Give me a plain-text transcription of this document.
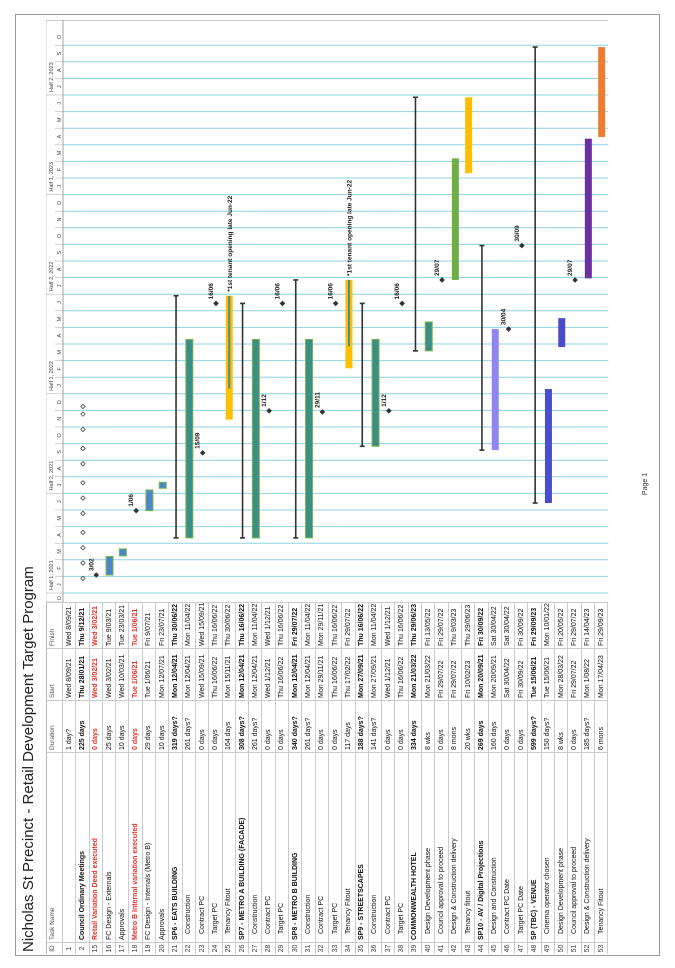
Nicholas St Precinct - Retail Development Target Program	ID
Task Name
Duration
Start
Finish
1
1 day?
Wed 8/09/21
Wed 8/09/21
2
Council Ordinary Meetings
225 days
Thu 28/01/21
Thu 9/12/21
15
Retail Variation Deed executed
0 days
Wed 3/02/21
Wed 3/02/21
16
FC Design - Externals
25 days
Wed 3/02/21
Tue 9/03/21
17
Approvals
10 days
Wed 10/03/21
Tue 23/03/21
18
Metro B Internal variation executed
0 days
Tue 1/06/21
Tue 1/06/21
19
FC Design - Internals (Metro B)
29 days
Tue 1/06/21
Fri 9/07/21
20
Approvals
10 days
Mon 12/07/21
Fri 23/07/21
21
SP6 - EATS BUILDING
319 days?
Mon 12/04/21
Thu 30/06/22
22
Construction
261 days?
Mon 12/04/21
Mon 11/04/22
23
Contract PC
0 days
Wed 15/09/21
Wed 15/09/21
24
Target PC
0 days
Thu 16/06/22
Thu 16/06/22
25
Tenancy Fitout
164 days
Mon 15/11/21
Thu 30/06/22
26
SP7 - METRO A BUILDING (FACADE)
308 days?
Mon 12/04/21
Thu 16/06/22
27
Construction
261 days?
Mon 12/04/21
Mon 11/04/22
28
Contract PC
0 days
Wed 1/12/21
Wed 1/12/21
29
Target PC
0 days
Thu 16/06/22
Thu 16/06/22
30
SP8 - METRO B BUILDING
340 days?
Mon 12/04/21
Fri 29/07/22
31
Construction
261 days?
Mon 12/04/21
Mon 11/04/22
32
Contract PC
0 days
Mon 29/11/21
Mon 29/11/21
33
Target PC
0 days
Thu 16/06/22
Thu 16/06/22
34
Tenancy Fitout
117 days
Thu 17/02/22
Fri 29/07/22
35
SP9 - STREETSCAPES
188 days?
Mon 27/09/21
Thu 16/06/22
36
Construction
141 days?
Mon 27/09/21
Mon 11/04/22
37
Contract PC
0 days
Wed 1/12/21
Wed 1/12/21
38
Target PC
0 days
Thu 16/06/22
Thu 16/06/22
39
COMMONWEALTH HOTEL
334 days
Mon 21/03/22
Thu 29/06/23
40
Design Development phase
8 wks
Mon 21/03/22
Fri 13/05/22
41
Council approval to proceed
0 days
Fri 29/07/22
Fri 29/07/22
42
Design & Construction delivery
8 mons
Fri 29/07/22
Thu 9/03/23
43
Tenancy fitout
20 wks
Fri 10/02/23
Thu 29/06/23
44
SP10 - AV / Digital Projections
269 days
Mon 20/09/21
Fri 30/09/22
45
Design and Construction
160 days
Mon 20/09/21
Sat 30/04/22
46
Contract PC Date
0 days
Sat 30/04/22
Sat 30/04/22
47
Target PC Date
0 days
Fri 30/09/22
Fri 30/09/22
48
SP (TBC) - VENUE
599 days?
Tue 15/06/21
Fri 29/09/23
49
Cinema operator chosen
150 days?
Tue 15/06/21
Mon 10/01/22
50
Design Development phase
8 wks
Mon 28/03/22
Fri 20/05/22
51
Council approval to proceed
0 days
Fri 29/07/22
Fri 29/07/22
52
Design & Construction delivery
185 days?
Mon 1/08/22
Fri 14/04/23
53
Tenancy Fitout
6 mons
Mon 17/04/23
Fri 29/09/23
D
J
F
M
A
M
J
J
A
S
O
N
D
J
F
M
A
M
J
J
A
S
O
N
D
J
F
M
A
M
J
J
A
S
O
Half 1, 2021
Half 2, 2021
Half 1, 2022
Half 2, 2022
Half 1, 2023
Half 2, 2023
3/02
1/06
15/09
16/06 *1st tenant opening late Jun-22
1/12
16/06
29/11
16/06
*1st tenant opening late Jun-22
1/12
16/06
29/07
30/04
30/09
29/07
Page 1
